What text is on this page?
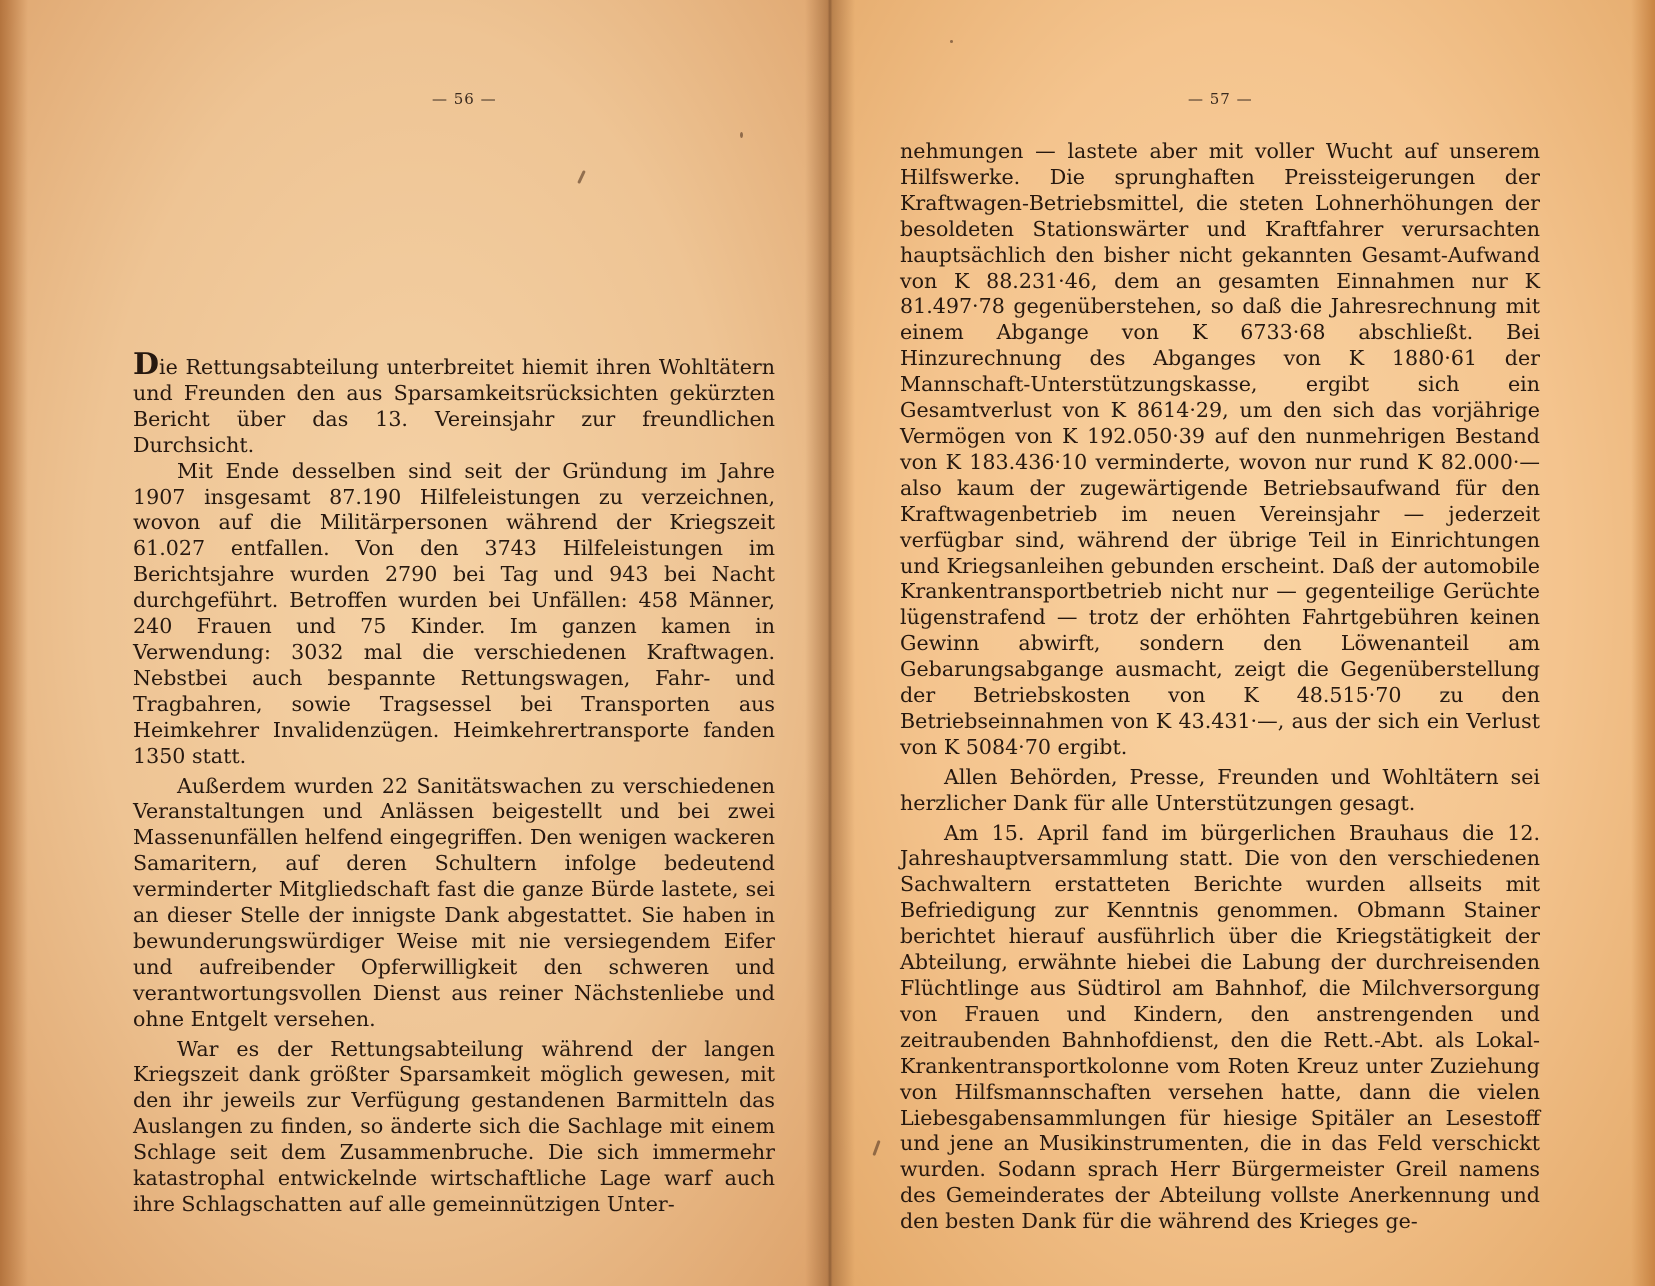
— 56 —

Die Rettungsabteilung unterbreitet hiemit ihren Wohltätern und Freunden den aus Sparsamkeitsrücksichten gekürzten Bericht über das 13. Vereinsjahr zur freundlichen Durchsicht.

Mit Ende desselben sind seit der Gründung im Jahre 1907 insgesamt 87.190 Hilfeleistungen zu verzeichnen, wovon auf die Militärpersonen während der Kriegszeit 61.027 entfallen. Von den 3743 Hilfeleistungen im Berichtsjahre wurden 2790 bei Tag und 943 bei Nacht durchgeführt. Betroffen wurden bei Unfällen: 458 Männer, 240 Frauen und 75 Kinder. Im ganzen kamen in Verwendung: 3032 mal die verschiedenen Kraftwagen. Nebstbei auch bespannte Rettungswagen, Fahr- und Tragbahren, sowie Tragsessel bei Transporten aus Heimkehrer Invalidenzügen. Heimkehrertransporte fanden 1350 statt.

Außerdem wurden 22 Sanitätswachen zu verschiedenen Veranstaltungen und Anlässen beigestellt und bei zwei Massenunfällen helfend eingegriffen. Den wenigen wackeren Samaritern, auf deren Schultern infolge bedeutend verminderter Mitgliedschaft fast die ganze Bürde lastete, sei an dieser Stelle der innigste Dank abgestattet. Sie haben in bewunderungswürdiger Weise mit nie versiegendem Eifer und aufreibender Opferwilligkeit den schweren und verantwortungsvollen Dienst aus reiner Nächstenliebe und ohne Entgelt versehen.

War es der Rettungsabteilung während der langen Kriegszeit dank größter Sparsamkeit möglich gewesen, mit den ihr jeweils zur Verfügung gestandenen Barmitteln das Auslangen zu finden, so änderte sich die Sachlage mit einem Schlage seit dem Zusammenbruche. Die sich immermehr katastrophal entwickelnde wirtschaftliche Lage warf auch ihre Schlagschatten auf alle gemeinnützigen Unter-

— 57 —

nehmungen — lastete aber mit voller Wucht auf unserem Hilfswerke. Die sprunghaften Preissteigerungen der Kraftwagen-Betriebsmittel, die steten Lohnerhöhungen der besoldeten Stationswärter und Kraftfahrer verursachten hauptsächlich den bisher nicht gekannten Gesamt-Aufwand von K 88.231·46, dem an gesamten Einnahmen nur K 81.497·78 gegenüberstehen, so daß die Jahresrechnung mit einem Abgange von K 6733·68 abschließt. Bei Hinzurechnung des Abganges von K 1880·61 der Mannschaft-Unterstützungskasse, ergibt sich ein Gesamtverlust von K 8614·29, um den sich das vorjährige Vermögen von K 192.050·39 auf den nunmehrigen Bestand von K 183.436·10 verminderte, wovon nur rund K 82.000·— also kaum der zugewärtigende Betriebsaufwand für den Kraftwagenbetrieb im neuen Vereinsjahr — jederzeit verfügbar sind, während der übrige Teil in Einrichtungen und Kriegsanleihen gebunden erscheint. Daß der automobile Krankentransportbetrieb nicht nur — gegenteilige Gerüchte lügenstrafend — trotz der erhöhten Fahrtgebühren keinen Gewinn abwirft, sondern den Löwenanteil am Gebarungsabgange ausmacht, zeigt die Gegenüberstellung der Betriebskosten von K 48.515·70 zu den Betriebseinnahmen von K 43.431·—, aus der sich ein Verlust von K 5084·70 ergibt.

Allen Behörden, Presse, Freunden und Wohltätern sei herzlicher Dank für alle Unterstützungen gesagt.

Am 15. April fand im bürgerlichen Brauhaus die 12. Jahreshauptversammlung statt. Die von den verschiedenen Sachwaltern erstatteten Berichte wurden allseits mit Befriedigung zur Kenntnis genommen. Obmann Stainer berichtet hierauf ausführlich über die Kriegstätigkeit der Abteilung, erwähnte hiebei die Labung der durchreisenden Flüchtlinge aus Südtirol am Bahnhof, die Milchversorgung von Frauen und Kindern, den anstrengenden und zeitraubenden Bahnhofdienst, den die Rett.-Abt. als Lokal-Krankentransportkolonne vom Roten Kreuz unter Zuziehung von Hilfsmannschaften versehen hatte, dann die vielen Liebesgabensammlungen für hiesige Spitäler an Lesestoff und jene an Musikinstrumenten, die in das Feld verschickt wurden. Sodann sprach Herr Bürgermeister Greil namens des Gemeinderates der Abteilung vollste Anerkennung und den besten Dank für die während des Krieges ge-
